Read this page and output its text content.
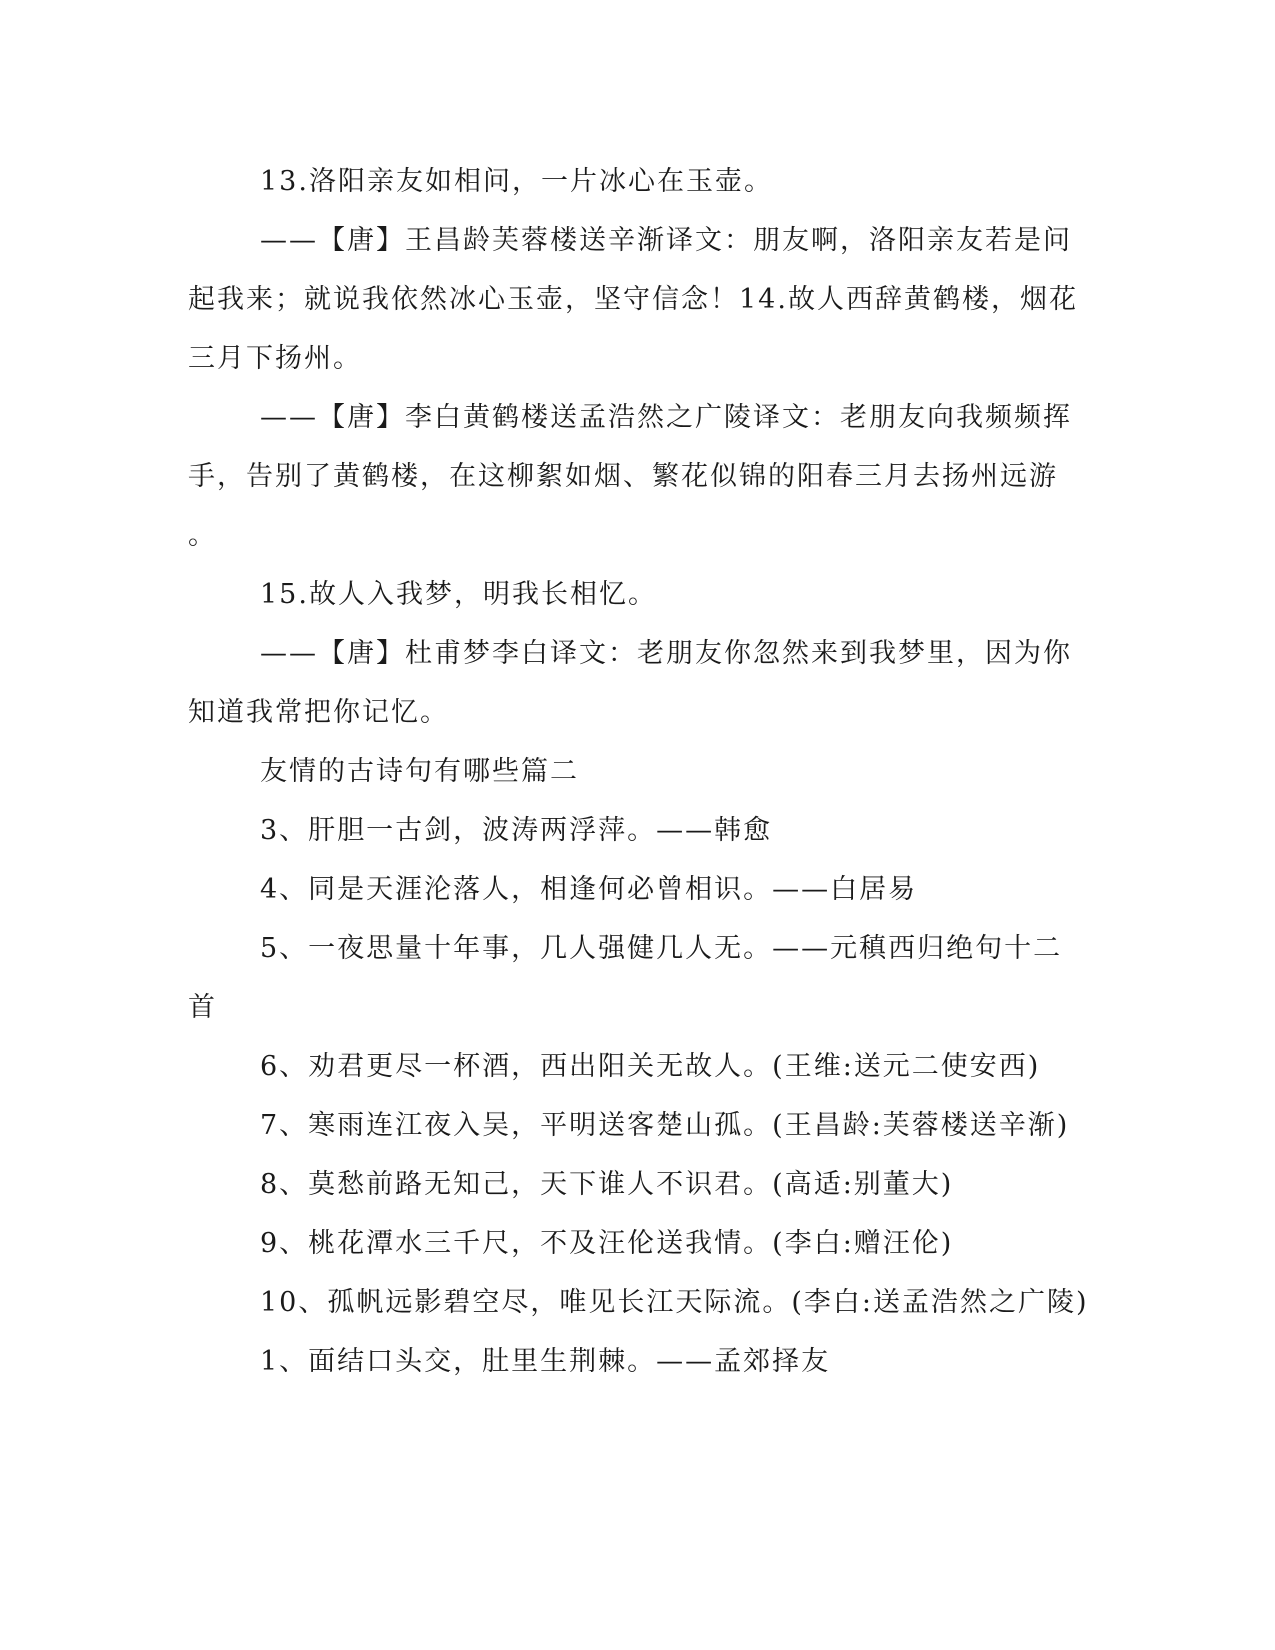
13.洛阳亲友如相问，一片冰心在玉壶。
——【唐】王昌龄芙蓉楼送辛渐译文：朋友啊，洛阳亲友若是问
起我来；就说我依然冰心玉壶，坚守信念！14.故人西辞黄鹤楼，烟花
三月下扬州。
——【唐】李白黄鹤楼送孟浩然之广陵译文：老朋友向我频频挥
手，告别了黄鹤楼，在这柳絮如烟、繁花似锦的阳春三月去扬州远游
。
15.故人入我梦，明我长相忆。
——【唐】杜甫梦李白译文：老朋友你忽然来到我梦里，因为你
知道我常把你记忆。
友情的古诗句有哪些篇二
3、肝胆一古剑，波涛两浮萍。——韩愈
4、同是天涯沦落人，相逢何必曾相识。——白居易
5、一夜思量十年事，几人强健几人无。——元稹西归绝句十二
首
6、劝君更尽一杯酒，西出阳关无故人。(王维:送元二使安西)
7、寒雨连江夜入吴，平明送客楚山孤。(王昌龄:芙蓉楼送辛渐)
8、莫愁前路无知己，天下谁人不识君。(高适:别董大)
9、桃花潭水三千尺，不及汪伦送我情。(李白:赠汪伦)
10、孤帆远影碧空尽，唯见长江天际流。(李白:送孟浩然之广陵)
1、面结口头交，肚里生荆棘。——孟郊择友
